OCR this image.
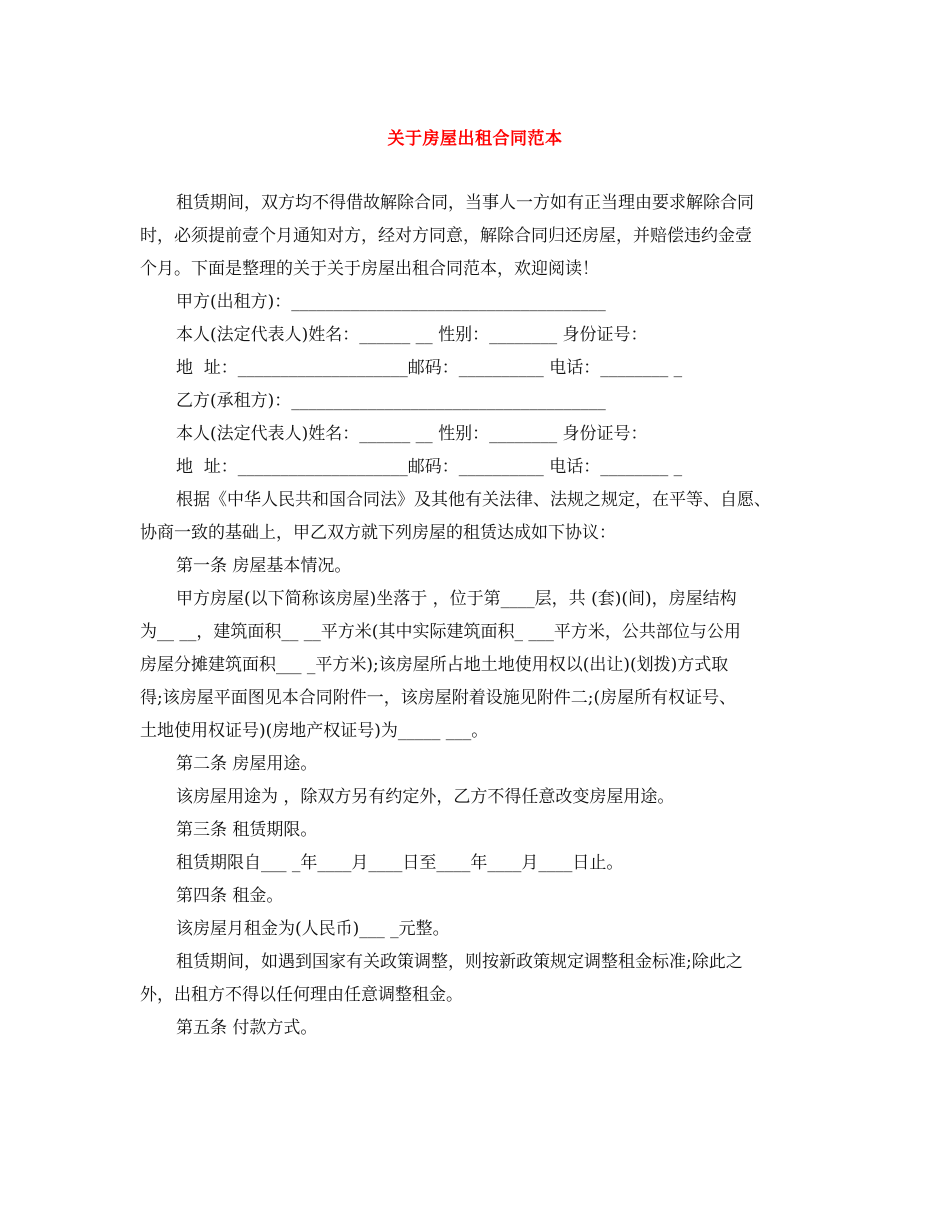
关于房屋出租合同范本
租赁期间，双方均不得借故解除合同，当事人一方如有正当理由要求解除合同
时，必须提前壹个月通知对方，经对方同意，解除合同归还房屋，并赔偿违约金壹
个月。下面是整理的关于关于房屋出租合同范本，欢迎阅读！
甲方(出租方)：_____________________________________
本人(法定代表人)姓名：______ __ 性别：________ 身份证号：
地  址：____________________邮码：__________ 电话：________ _
乙方(承租方)：_____________________________________
本人(法定代表人)姓名：______ __ 性别：________ 身份证号：
地  址：____________________邮码：__________ 电话：________ _
根据《中华人民共和国合同法》及其他有关法律、法规之规定，在平等、自愿、
协商一致的基础上，甲乙双方就下列房屋的租赁达成如下协议：
第一条 房屋基本情况。
甲方房屋(以下简称该房屋)坐落于 ，位于第____层，共 (套)(间)，房屋结构
为__ __，建筑面积__ __平方米(其中实际建筑面积_ ___平方米，公共部位与公用
房屋分摊建筑面积___ _平方米);该房屋所占地土地使用权以(出让)(划拨)方式取
得;该房屋平面图见本合同附件一，该房屋附着设施见附件二;(房屋所有权证号、
土地使用权证号)(房地产权证号)为_____ ___。
第二条 房屋用途。
该房屋用途为 ，除双方另有约定外，乙方不得任意改变房屋用途。
第三条 租赁期限。
租赁期限自___ _年____月____日至____年____月____日止。
第四条 租金。
该房屋月租金为(人民币)___ _元整。
租赁期间，如遇到国家有关政策调整，则按新政策规定调整租金标准;除此之
外，出租方不得以任何理由任意调整租金。
第五条 付款方式。
